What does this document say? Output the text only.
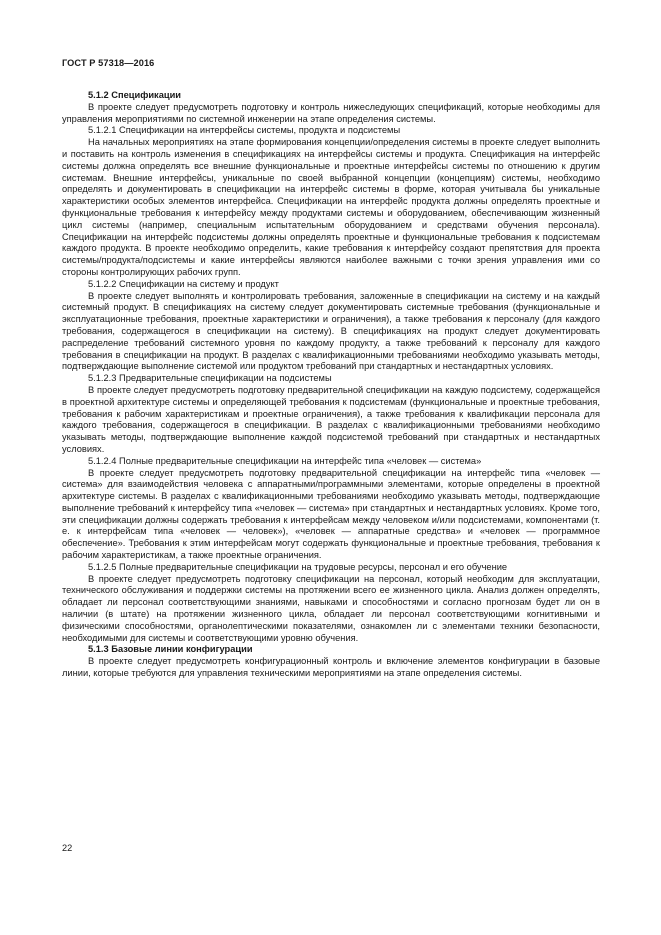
ГОСТ Р 57318—2016

5.1.2 Спецификации

В проекте следует предусмотреть подготовку и контроль нижеследующих спецификаций, которые необходимы для управления мероприятиями по системной инженерии на этапе определения системы.

5.1.2.1 Спецификации на интерфейсы системы, продукта и подсистемы

На начальных мероприятиях на этапе формирования концепции/определения системы в проекте следует выполнить и поставить на контроль изменения в спецификациях на интерфейсы системы и продукта. Спецификация на интерфейс системы должна определять все внешние функциональные и проектные интерфейсы системы по отношению к другим системам. Внешние интерфейсы, уникальные по своей выбранной концепции (концепциям) системы, необходимо определять и документировать в спецификации на интерфейс системы в форме, которая учитывала бы уникальные характеристики особых элементов интерфейса. Спецификации на интерфейс продукта должны определять проектные и функциональные требования к интерфейсу между продуктами системы и оборудованием, обеспечивающим жизненный цикл системы (например, специальным испытательным оборудованием и средствами обучения персонала). Спецификации на интерфейс подсистемы должны определять проектные и функциональные требования к подсистемам каждого продукта. В проекте необходимо определить, какие требования к интерфейсу создают препятствия для проекта системы/продукта/подсистемы и какие интерфейсы являются наиболее важными с точки зрения управления ими со стороны контролирующих рабочих групп.

5.1.2.2 Спецификации на систему и продукт

В проекте следует выполнять и контролировать требования, заложенные в спецификации на систему и на каждый системный продукт. В спецификациях на систему следует документировать системные требования (функциональные и эксплуатационные требования, проектные характеристики и ограничения), а также требования к персоналу (для каждого требования, содержащегося в спецификации на систему). В спецификациях на продукт следует документировать распределение требований системного уровня по каждому продукту, а также требований к персоналу для каждого требования в спецификации на продукт. В разделах с квалификационными требованиями необходимо указывать методы, подтверждающие выполнение системой или продуктом требований при стандартных и нестандартных условиях.

5.1.2.3 Предварительные спецификации на подсистемы

В проекте следует предусмотреть подготовку предварительной спецификации на каждую подсистему, содержащейся в проектной архитектуре системы и определяющей требования к подсистемам (функциональные и проектные требования, требования к рабочим характеристикам и проектные ограничения), а также требования к квалификации персонала для каждого требования, содержащегося в спецификации. В разделах с квалификационными требованиями необходимо указывать методы, подтверждающие выполнение каждой подсистемой требований при стандартных и нестандартных условиях.

5.1.2.4 Полные предварительные спецификации на интерфейс типа «человек — система»

В проекте следует предусмотреть подготовку предварительной спецификации на интерфейс типа «человек — система» для взаимодействия человека с аппаратными/программными элементами, которые определены в проектной архитектуре системы. В разделах с квалификационными требованиями необходимо указывать методы, подтверждающие выполнение требований к интерфейсу типа «человек — система» при стандартных и нестандартных условиях. Кроме того, эти спецификации должны содержать требования к интерфейсам между человеком и/или подсистемами, компонентами (т. е. к интерфейсам типа «человек — человек»), «человек — аппаратные средства» и «человек — программное обеспечение». Требования к этим интерфейсам могут содержать функциональные и проектные требования, требования к рабочим характеристикам, а также проектные ограничения.

5.1.2.5 Полные предварительные спецификации на трудовые ресурсы, персонал и его обучение

В проекте следует предусмотреть подготовку спецификации на персонал, который необходим для эксплуатации, технического обслуживания и поддержки системы на протяжении всего ее жизненного цикла. Анализ должен определять, обладает ли персонал соответствующими знаниями, навыками и способностями и согласно прогнозам будет ли он в наличии (в штате) на протяжении жизненного цикла, обладает ли персонал соответствующими когнитивными и физическими способностями, органолептическими показателями, ознакомлен ли с элементами техники безопасности, необходимыми для системы и соответствующими уровню обучения.

5.1.3 Базовые линии конфигурации

В проекте следует предусмотреть конфигурационный контроль и включение элементов конфигурации в базовые линии, которые требуются для управления техническими мероприятиями на этапе определения системы.

22
